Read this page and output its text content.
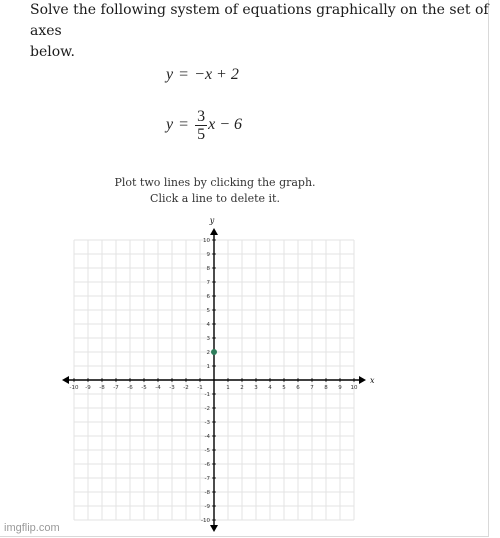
Solve the following system of equations graphically on the set of axes
below.

y = −x + 2
$y = \frac{3}{5}$ x − 6
Plot two lines by clicking the graph.
Click a line to delete it.
x
y
-10 -9 -8 -7 -6 -5 -4 -3 -2 -1	1 2 3 4 5 6 7 8 9 10
10
9
8
7
6
5
4
3
2
1
-1
-2
-3
-4
-5
-6
-7
-8
-9
-10
imgflip.com
